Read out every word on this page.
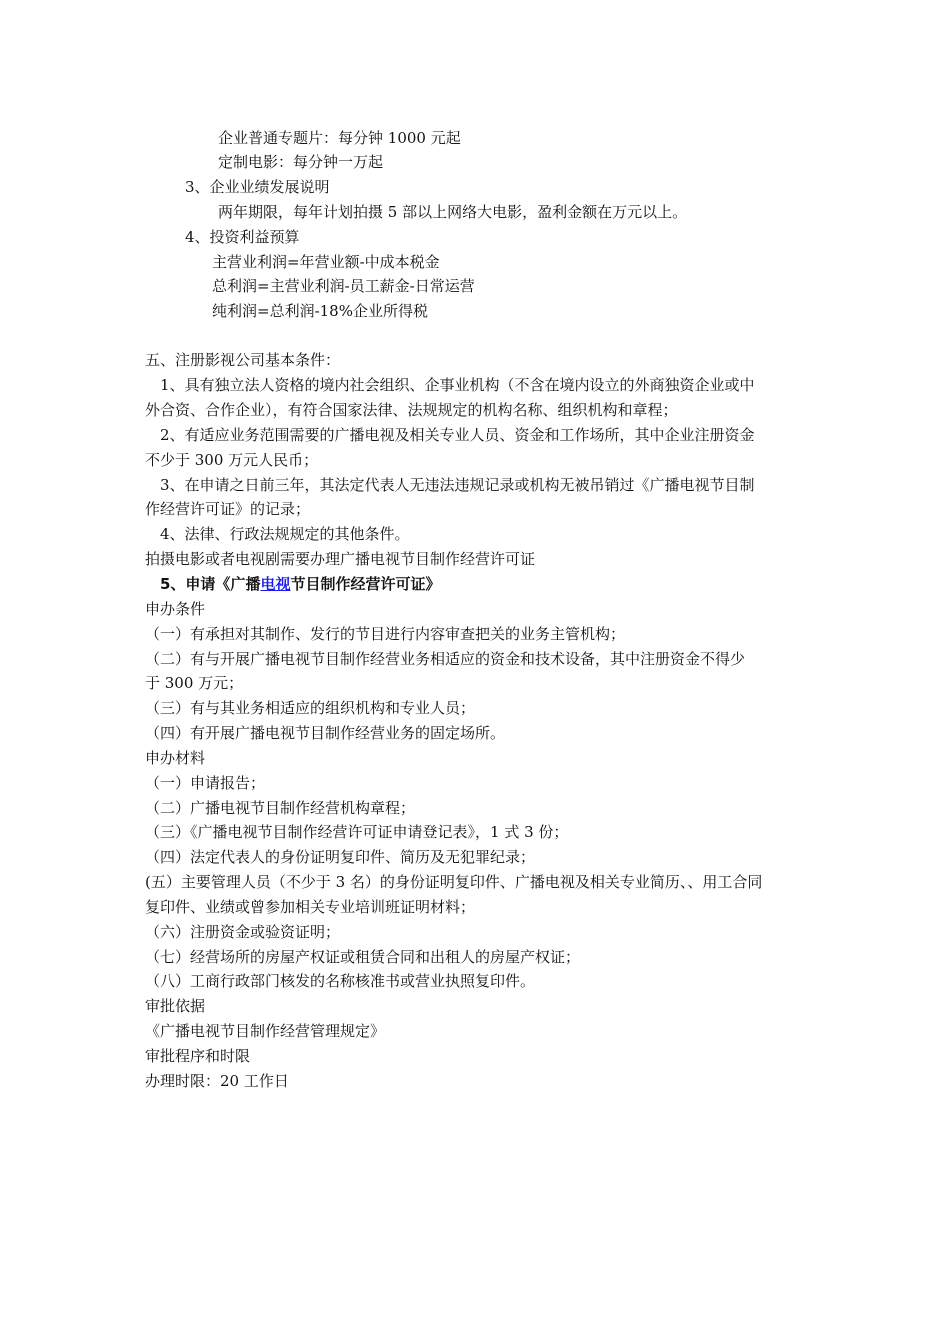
企业普通专题片：每分钟 1000 元起
定制电影：每分钟一万起
3、企业业绩发展说明
两年期限，每年计划拍摄 5 部以上网络大电影，盈利金额在万元以上。
4、投资利益预算
主营业利润=年营业额-中成本税金
总利润=主营业利润-员工薪金-日常运营
纯利润=总利润-18%企业所得税
五、注册影视公司基本条件：
1、具有独立法人资格的境内社会组织、企事业机构（不含在境内设立的外商独资企业或中
外合资、合作企业），有符合国家法律、法规规定的机构名称、组织机构和章程；
2、有适应业务范围需要的广播电视及相关专业人员、资金和工作场所，其中企业注册资金
不少于 300 万元人民币；
3、在申请之日前三年，其法定代表人无违法违规记录或机构无被吊销过《广播电视节目制
作经营许可证》的记录；
4、法律、行政法规规定的其他条件。
拍摄电影或者电视剧需要办理广播电视节目制作经营许可证
5、申请《广播电视节目制作经营许可证》
申办条件
（一）有承担对其制作、发行的节目进行内容审查把关的业务主管机构；
（二）有与开展广播电视节目制作经营业务相适应的资金和技术设备，其中注册资金不得少
于 300 万元；
（三）有与其业务相适应的组织机构和专业人员；
（四）有开展广播电视节目制作经营业务的固定场所。
申办材料
（一）申请报告；
（二）广播电视节目制作经营机构章程；
（三）《广播电视节目制作经营许可证申请登记表》，1 式 3 份；
（四）法定代表人的身份证明复印件、简历及无犯罪纪录；
(五）主要管理人员（不少于 3 名）的身份证明复印件、广播电视及相关专业简历、、用工合同
复印件、业绩或曾参加相关专业培训班证明材料；
（六）注册资金或验资证明；
（七）经营场所的房屋产权证或租赁合同和出租人的房屋产权证；
（八）工商行政部门核发的名称核准书或营业执照复印件。
审批依据
《广播电视节目制作经营管理规定》
审批程序和时限
办理时限：20 工作日
